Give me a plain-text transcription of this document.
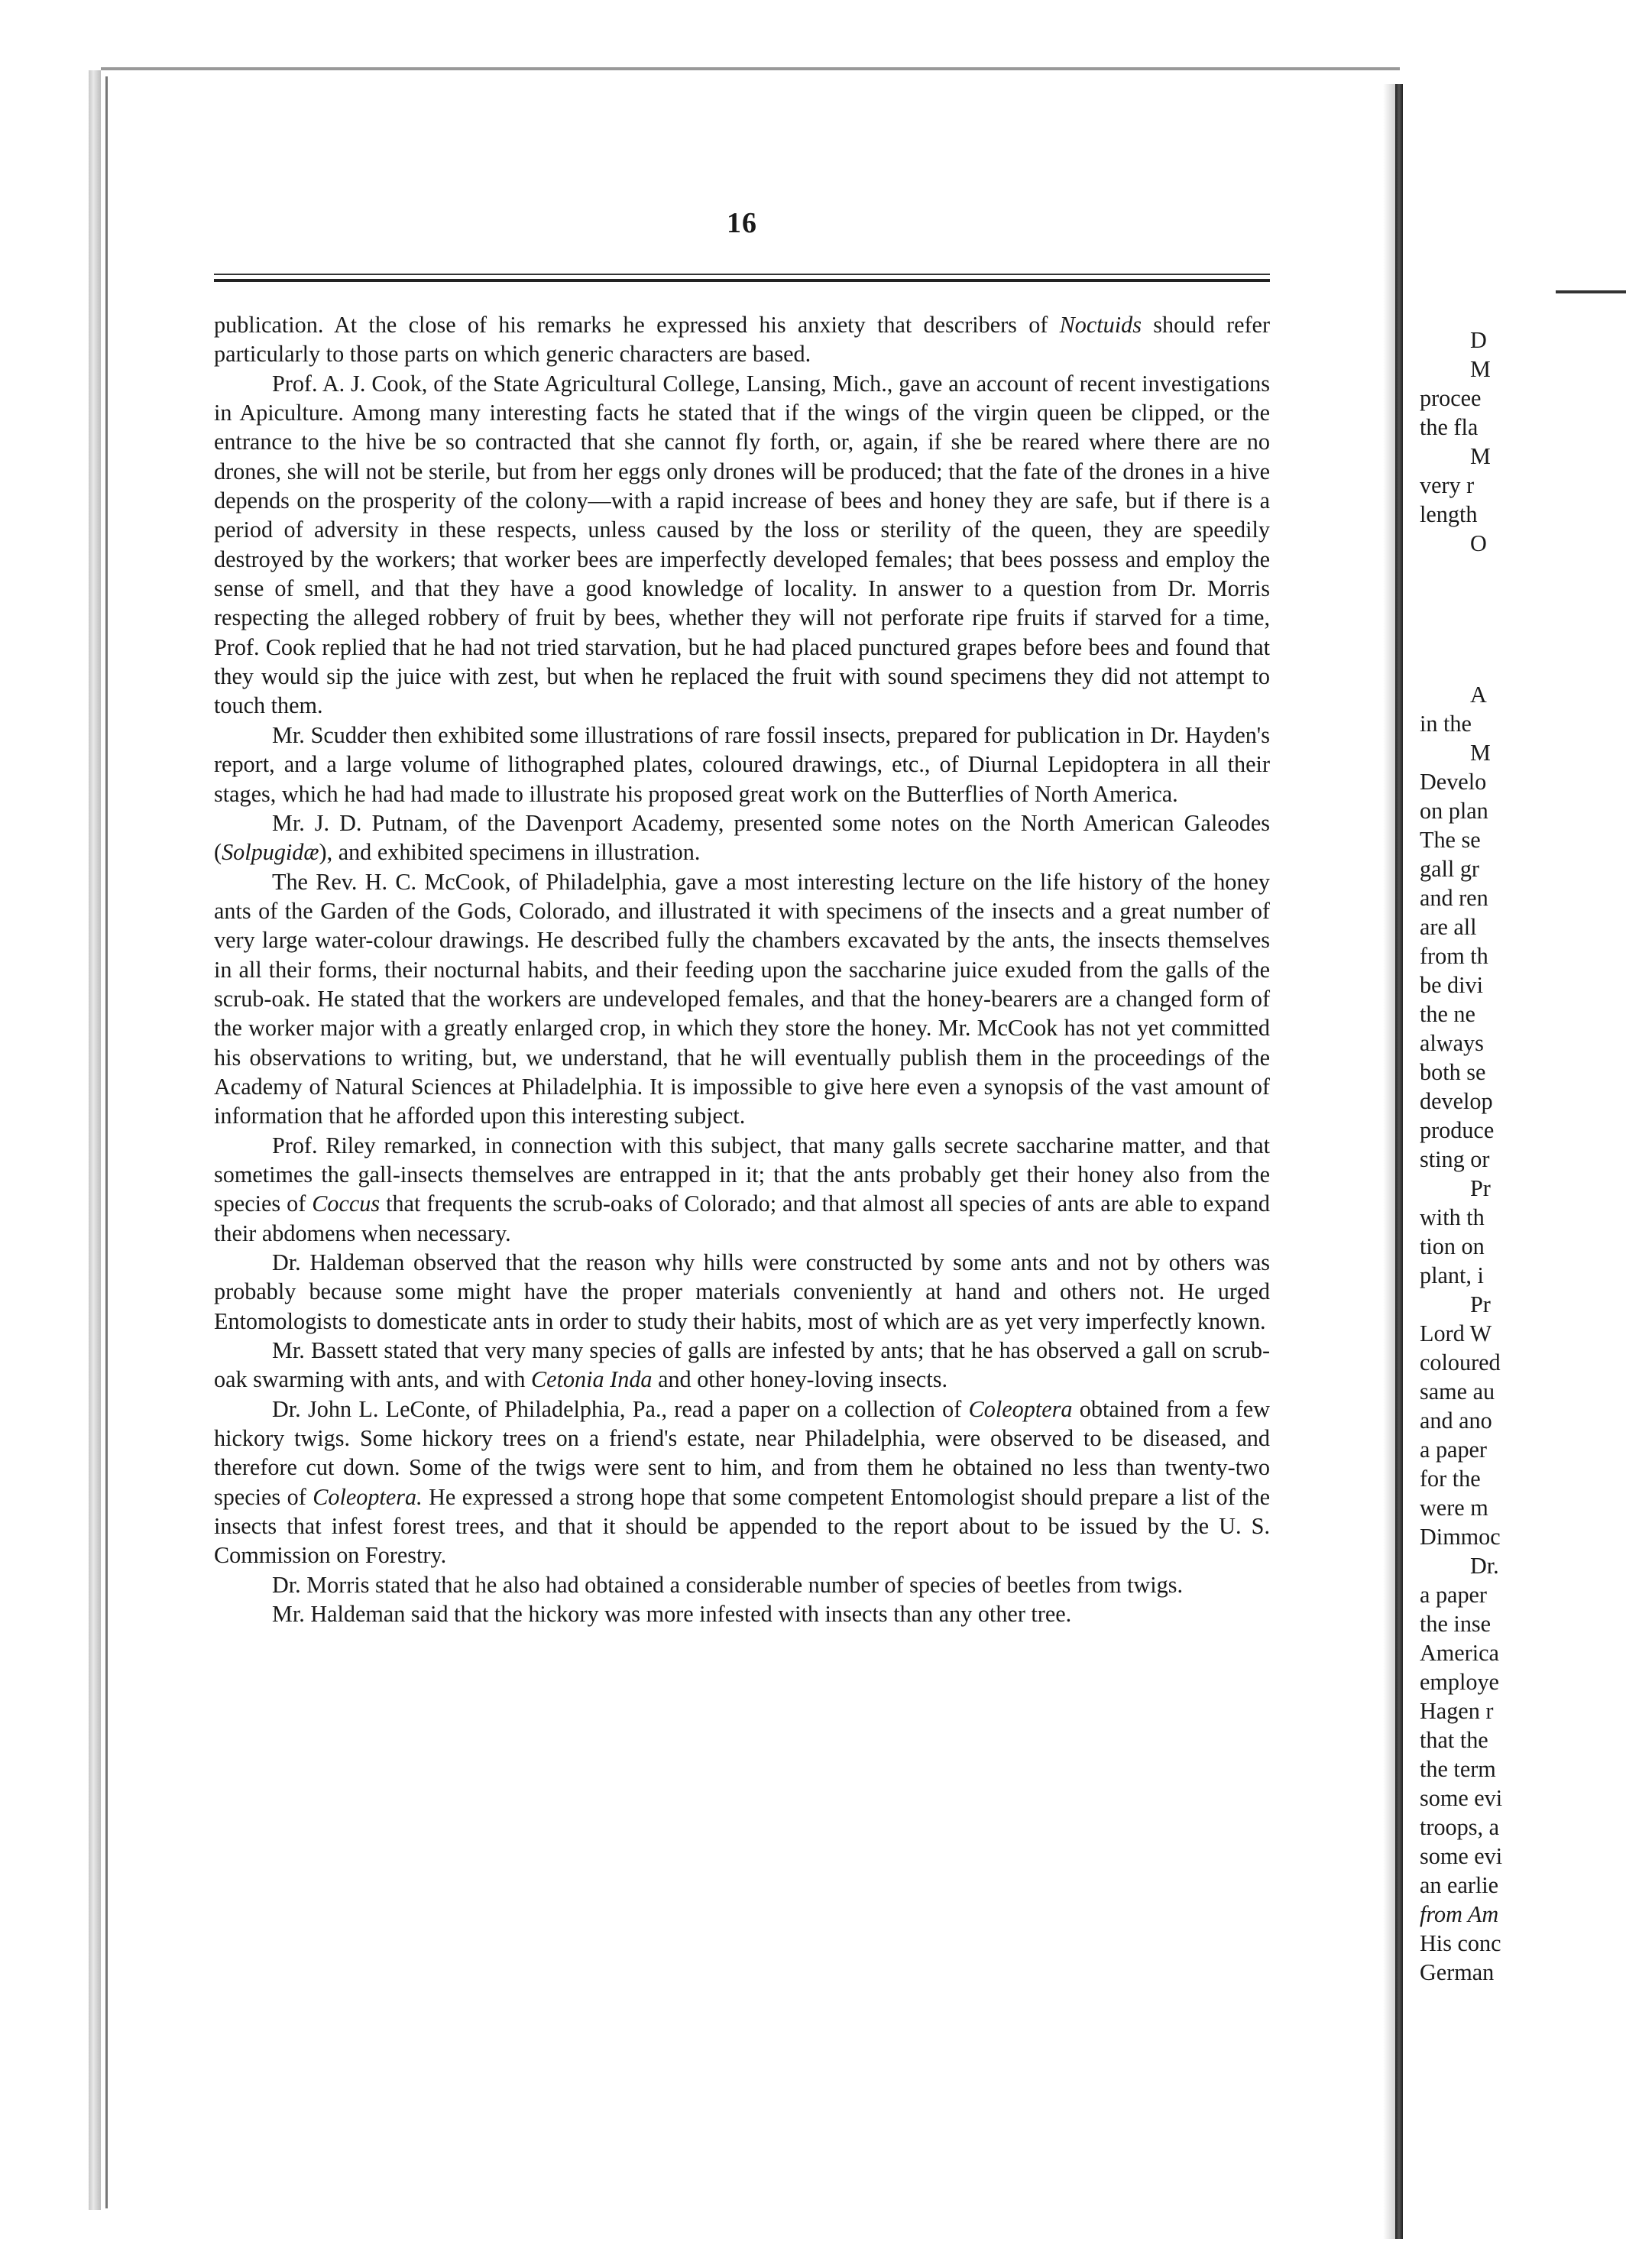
16

publication. At the close of his remarks he expressed his anxiety that describers of Noctuids should refer particularly to those parts on which generic characters are based.

Prof. A. J. Cook, of the State Agricultural College, Lansing, Mich., gave an account of recent investigations in Apiculture. Among many interesting facts he stated that if the wings of the virgin queen be clipped, or the entrance to the hive be so contracted that she cannot fly forth, or, again, if she be reared where there are no drones, she will not be sterile, but from her eggs only drones will be produced; that the fate of the drones in a hive depends on the prosperity of the colony—with a rapid increase of bees and honey they are safe, but if there is a period of adversity in these respects, unless caused by the loss or sterility of the queen, they are speedily destroyed by the workers; that worker bees are imperfectly developed females; that bees possess and employ the sense of smell, and that they have a good knowledge of locality. In answer to a question from Dr. Morris respecting the alleged robbery of fruit by bees, whether they will not perforate ripe fruits if starved for a time, Prof. Cook replied that he had not tried starvation, but he had placed punctured grapes before bees and found that they would sip the juice with zest, but when he replaced the fruit with sound specimens they did not attempt to touch them.

Mr. Scudder then exhibited some illustrations of rare fossil insects, prepared for publication in Dr. Hayden's report, and a large volume of lithographed plates, coloured drawings, etc., of Diurnal Lepidoptera in all their stages, which he had had made to illustrate his proposed great work on the Butterflies of North America.

Mr. J. D. Putnam, of the Davenport Academy, presented some notes on the North American Galeodes (Solpugidæ), and exhibited specimens in illustration.

The Rev. H. C. McCook, of Philadelphia, gave a most interesting lecture on the life history of the honey ants of the Garden of the Gods, Colorado, and illustrated it with specimens of the insects and a great number of very large water-colour drawings. He described fully the chambers excavated by the ants, the insects themselves in all their forms, their nocturnal habits, and their feeding upon the saccharine juice exuded from the galls of the scrub-oak. He stated that the workers are undeveloped females, and that the honey-bearers are a changed form of the worker major with a greatly enlarged crop, in which they store the honey. Mr. McCook has not yet committed his observations to writing, but, we understand, that he will eventually publish them in the proceedings of the Academy of Natural Sciences at Philadelphia. It is impossible to give here even a synopsis of the vast amount of information that he afforded upon this interesting subject.

Prof. Riley remarked, in connection with this subject, that many galls secrete saccharine matter, and that sometimes the gall-insects themselves are entrapped in it; that the ants probably get their honey also from the species of Coccus that frequents the scrub-oaks of Colorado; and that almost all species of ants are able to expand their abdomens when necessary.

Dr. Haldeman observed that the reason why hills were constructed by some ants and not by others was probably because some might have the proper materials conveniently at hand and others not. He urged Entomologists to domesticate ants in order to study their habits, most of which are as yet very imperfectly known.

Mr. Bassett stated that very many species of galls are infested by ants; that he has observed a gall on scrub-oak swarming with ants, and with Cetonia Inda and other honey-loving insects.

Dr. John L. LeConte, of Philadelphia, Pa., read a paper on a collection of Coleoptera obtained from a few hickory twigs. Some hickory trees on a friend's estate, near Philadelphia, were observed to be diseased, and therefore cut down. Some of the twigs were sent to him, and from them he obtained no less than twenty-two species of Coleoptera. He expressed a strong hope that some competent Entomologist should prepare a list of the insects that infest forest trees, and that it should be appended to the report about to be issued by the U. S. Commission on Forestry.

Dr. Morris stated that he also had obtained a considerable number of species of beetles from twigs.

Mr. Haldeman said that the hickory was more infested with insects than any other tree.

D
M
procee
the fla
M
very r
length
O
A
in the
M
Develo
on plan
The se
gall gr
and ren
are all
from th
be divi
the ne
always
both se
develop
produce
sting or
Pr
with th
tion on
plant, i
Pr
Lord W
coloured
same au
and ano
a paper
for the
were m
Dimmoc
Dr.
a paper
the inse
America
employe
Hagen r
that the
the term
some evi
troops, a
some evi
an earlie
from Am
His conc
German
